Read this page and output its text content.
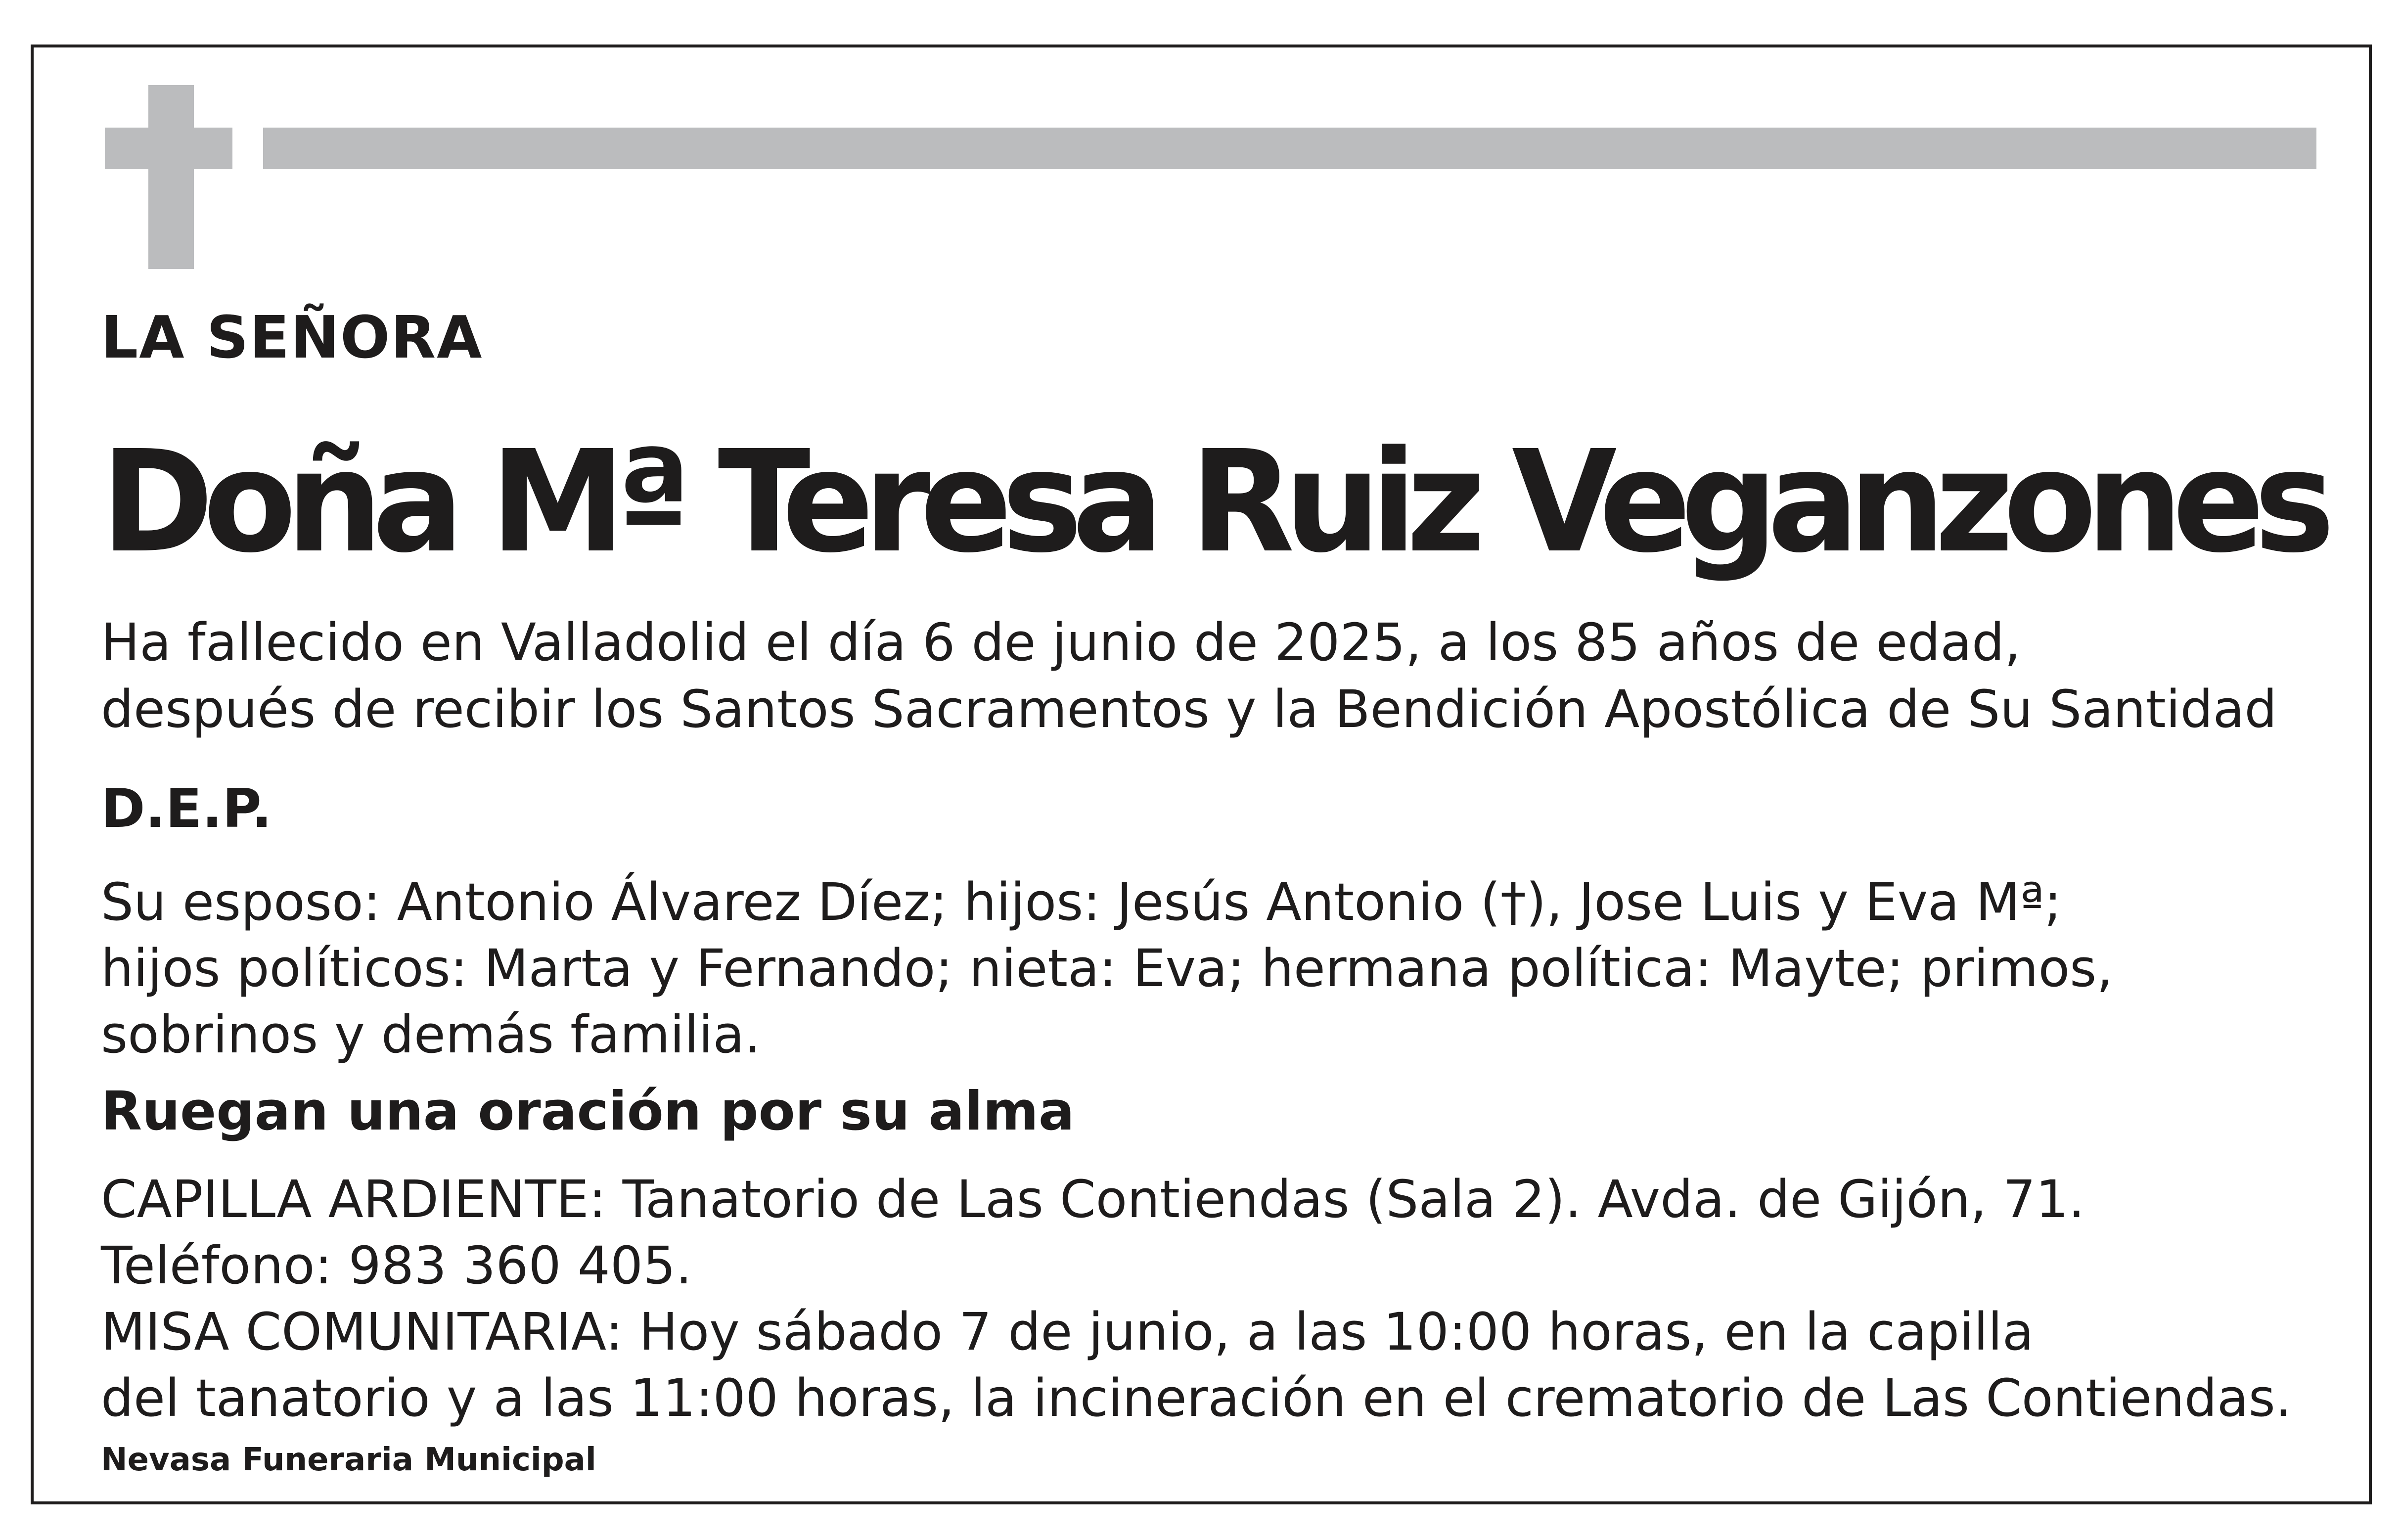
LA SEÑORA

Doña Mª Teresa Ruiz Veganzones

Ha fallecido en Valladolid el día 6 de junio de 2025, a los 85 años de edad,

después de recibir los Santos Sacramentos y la Bendición Apostólica de Su Santidad

D.E.P.

Su esposo: Antonio Álvarez Díez; hijos: Jesús Antonio (†), Jose Luis y Eva Mª;

hijos políticos: Marta y Fernando; nieta: Eva; hermana política: Mayte; primos,

sobrinos y demás familia.

Ruegan una oración por su alma

CAPILLA ARDIENTE: Tanatorio de Las Contiendas (Sala 2). Avda. de Gijón, 71.

Teléfono: 983 360 405.

MISA COMUNITARIA: Hoy sábado 7 de junio, a las 10:00 horas, en la capilla

del tanatorio y a las 11:00 horas, la incineración en el crematorio de Las Contiendas.

Nevasa Funeraria Municipal
